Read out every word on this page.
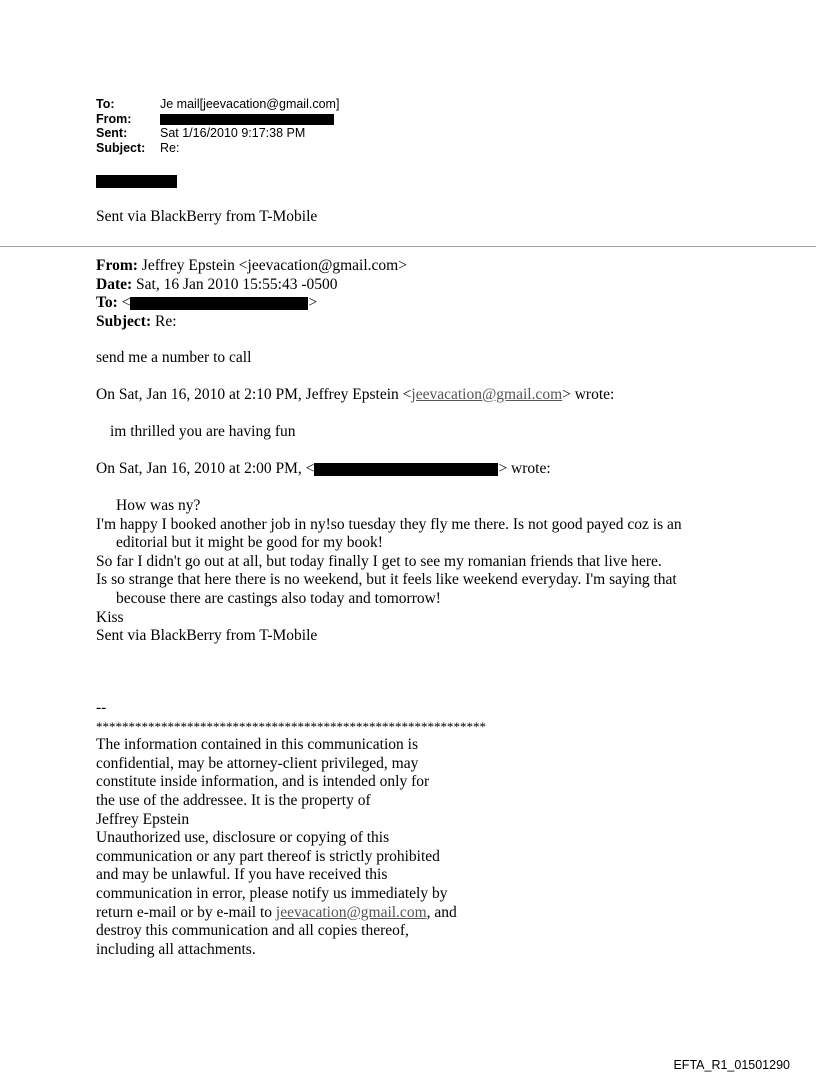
To:	Je mail[jeevacation@gmail.com]
From:
Sent:	Sat 1/16/2010 9:17:38 PM
Subject:	Re:
Sent via BlackBerry from T-Mobile
From: Jeffrey Epstein <jeevacation@gmail.com>
Date: Sat, 16 Jan 2010 15:55:43 -0500
To: <	>
Subject: Re:
send me a number to call
On Sat, Jan 16, 2010 at 2:10 PM, Jeffrey Epstein <jeevacation@gmail.com> wrote:
im thrilled you are having fun
On Sat, Jan 16, 2010 at 2:00 PM, <	> wrote:
How was ny?
I'm happy I booked another job in ny!so tuesday they fly me there. Is not good payed coz is an
editorial but it might be good for my book!
So far I didn't go out at all, but today finally I get to see my romanian friends that live here.
Is so strange that here there is no weekend, but it feels like weekend everyday. I'm saying that
becouse there are castings also today and tomorrow!
Kiss
Sent via BlackBerry from T-Mobile
--
************************************************************
The information contained in this communication is
confidential, may be attorney-client privileged, may
constitute inside information, and is intended only for
the use of the addressee. It is the property of
Jeffrey Epstein
Unauthorized use, disclosure or copying of this
communication or any part thereof is strictly prohibited
and may be unlawful. If you have received this
communication in error, please notify us immediately by
return e-mail or by e-mail to jeevacation@gmail.com, and
destroy this communication and all copies thereof,
including all attachments.
EFTA_R1_01501290
